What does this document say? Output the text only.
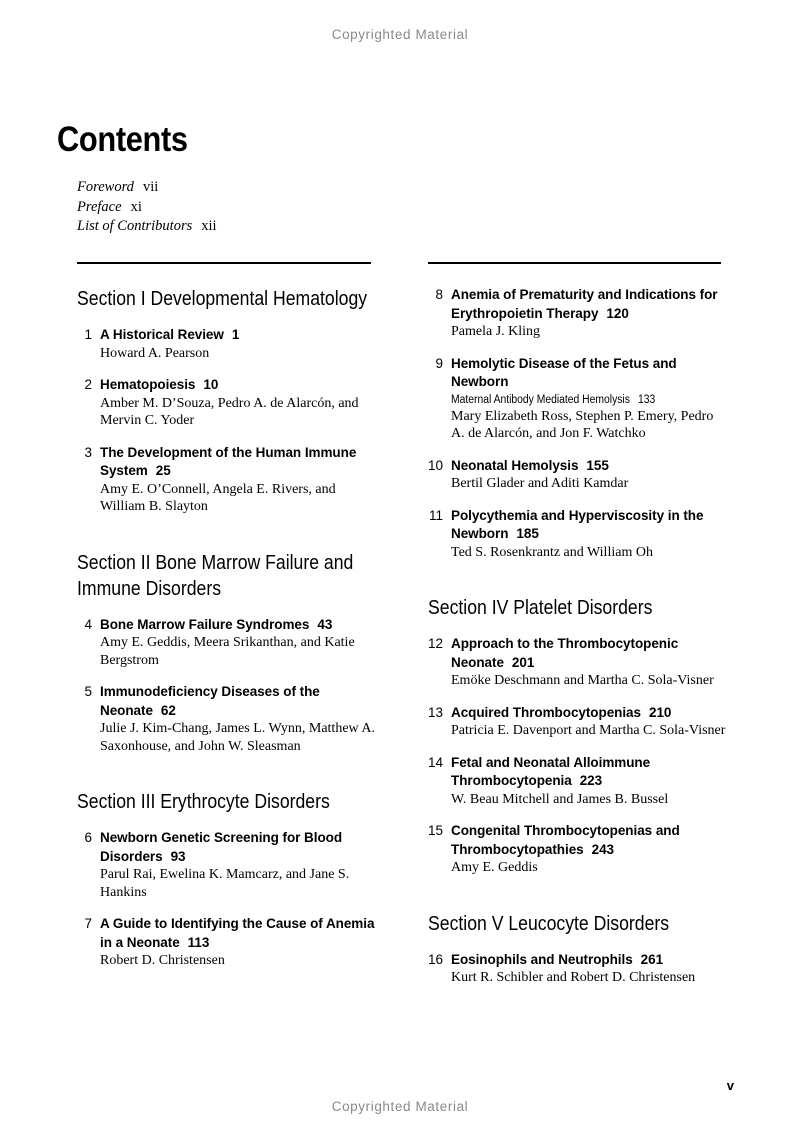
Copyrighted Material
Contents
Foreword vii
Preface xi
List of Contributors xii
Section I Developmental Hematology
1 A Historical Review 1
Howard A. Pearson
2 Hematopoiesis 10
Amber M. D’Souza, Pedro A. de Alarcón, and Mervin C. Yoder
3 The Development of the Human Immune System 25
Amy E. O’Connell, Angela E. Rivers, and William B. Slayton
Section II Bone Marrow Failure and Immune Disorders
4 Bone Marrow Failure Syndromes 43
Amy E. Geddis, Meera Srikanthan, and Katie Bergstrom
5 Immunodeficiency Diseases of the Neonate 62
Julie J. Kim-Chang, James L. Wynn, Matthew A. Saxonhouse, and John W. Sleasman
Section III Erythrocyte Disorders
6 Newborn Genetic Screening for Blood Disorders 93
Parul Rai, Ewelina K. Mamcarz, and Jane S. Hankins
7 A Guide to Identifying the Cause of Anemia in a Neonate 113
Robert D. Christensen
8 Anemia of Prematurity and Indications for Erythropoietin Therapy 120
Pamela J. Kling
9 Hemolytic Disease of the Fetus and Newborn
Maternal Antibody Mediated Hemolysis 133
Mary Elizabeth Ross, Stephen P. Emery, Pedro A. de Alarcón, and Jon F. Watchko
10 Neonatal Hemolysis 155
Bertil Glader and Aditi Kamdar
11 Polycythemia and Hyperviscosity in the Newborn 185
Ted S. Rosenkrantz and William Oh
Section IV Platelet Disorders
12 Approach to the Thrombocytopenic Neonate 201
Emöke Deschmann and Martha C. Sola-Visner
13 Acquired Thrombocytopenias 210
Patricia E. Davenport and Martha C. Sola-Visner
14 Fetal and Neonatal Alloimmune Thrombocytopenia 223
W. Beau Mitchell and James B. Bussel
15 Congenital Thrombocytopenias and Thrombocytopathies 243
Amy E. Geddis
Section V Leucocyte Disorders
16 Eosinophils and Neutrophils 261
Kurt R. Schibler and Robert D. Christensen
Copyrighted Material
v
